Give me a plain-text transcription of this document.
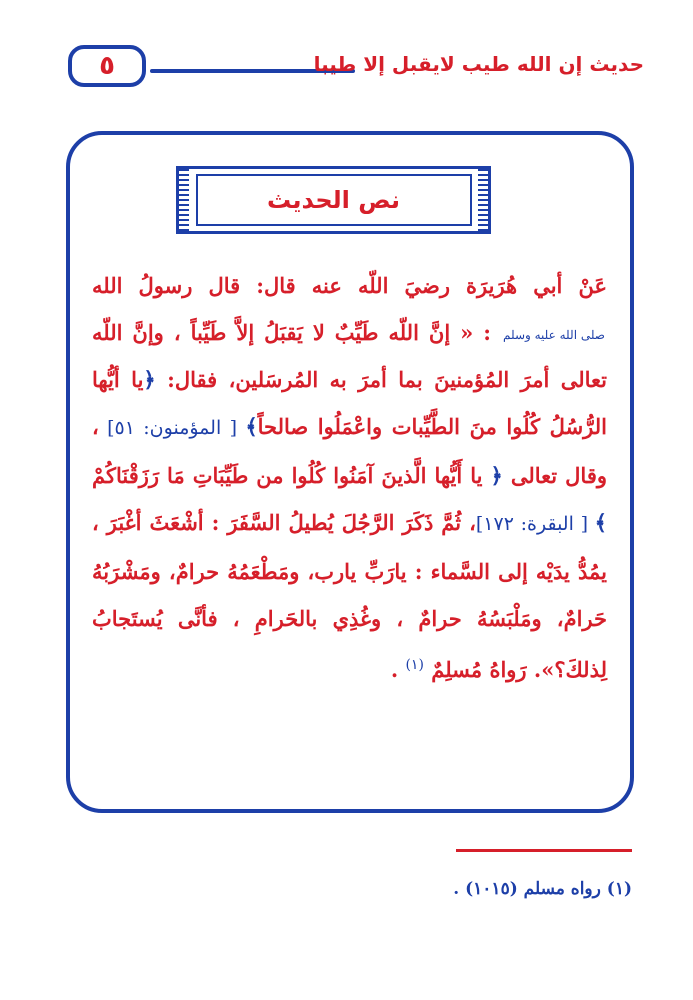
٥	حديث إن الله طيب لايقبل إلا طيبا
نص الحديث
عَنْ أبي هُرَيرَة رضيَ اللّه عنه قال: قال رسولُ الله صلى الله عليه وسلم : « إنَّ اللّه طَيِّبٌ لا يَقبَلُ إلاَّ طَيِّباً ، وإنَّ اللّه تعالى أمرَ المُؤمنينَ بما أمرَ به المُرسَلين، فقال: ﴿يا أيُّها الرُّسُلُ كُلُوا منَ الطَّيِّبات واعْمَلُوا صالحاً﴾ [ المؤمنون: ٥١] ، وقال تعالى ﴿ يا أَيُّها الَّذينَ آمَنُوا كُلُوا من طَيِّبَاتِ مَا رَزَقْنَاكُمْ ﴾ [ البقرة: ١٧٢]، ثُمَّ ذَكَرَ الرَّجُلَ يُطيلُ السَّفَرَ : أشْعَثَ أغْبَرَ ، يمُدُّ يدَيْه إلى السَّماء : يارَبِّ يارب، ومَطْعَمُهُ حرامٌ، ومَشْرَبُهُ حَرامٌ، ومَلْبَسُهُ حرامٌ ، وغُذِي بالحَرامِ ، فأنَّى يُستَجابُ لِذلكَ؟». رَواهُ مُسلِمٌ $^{(١)}$ .
(١) رواه مسلم (١٠١٥) .
